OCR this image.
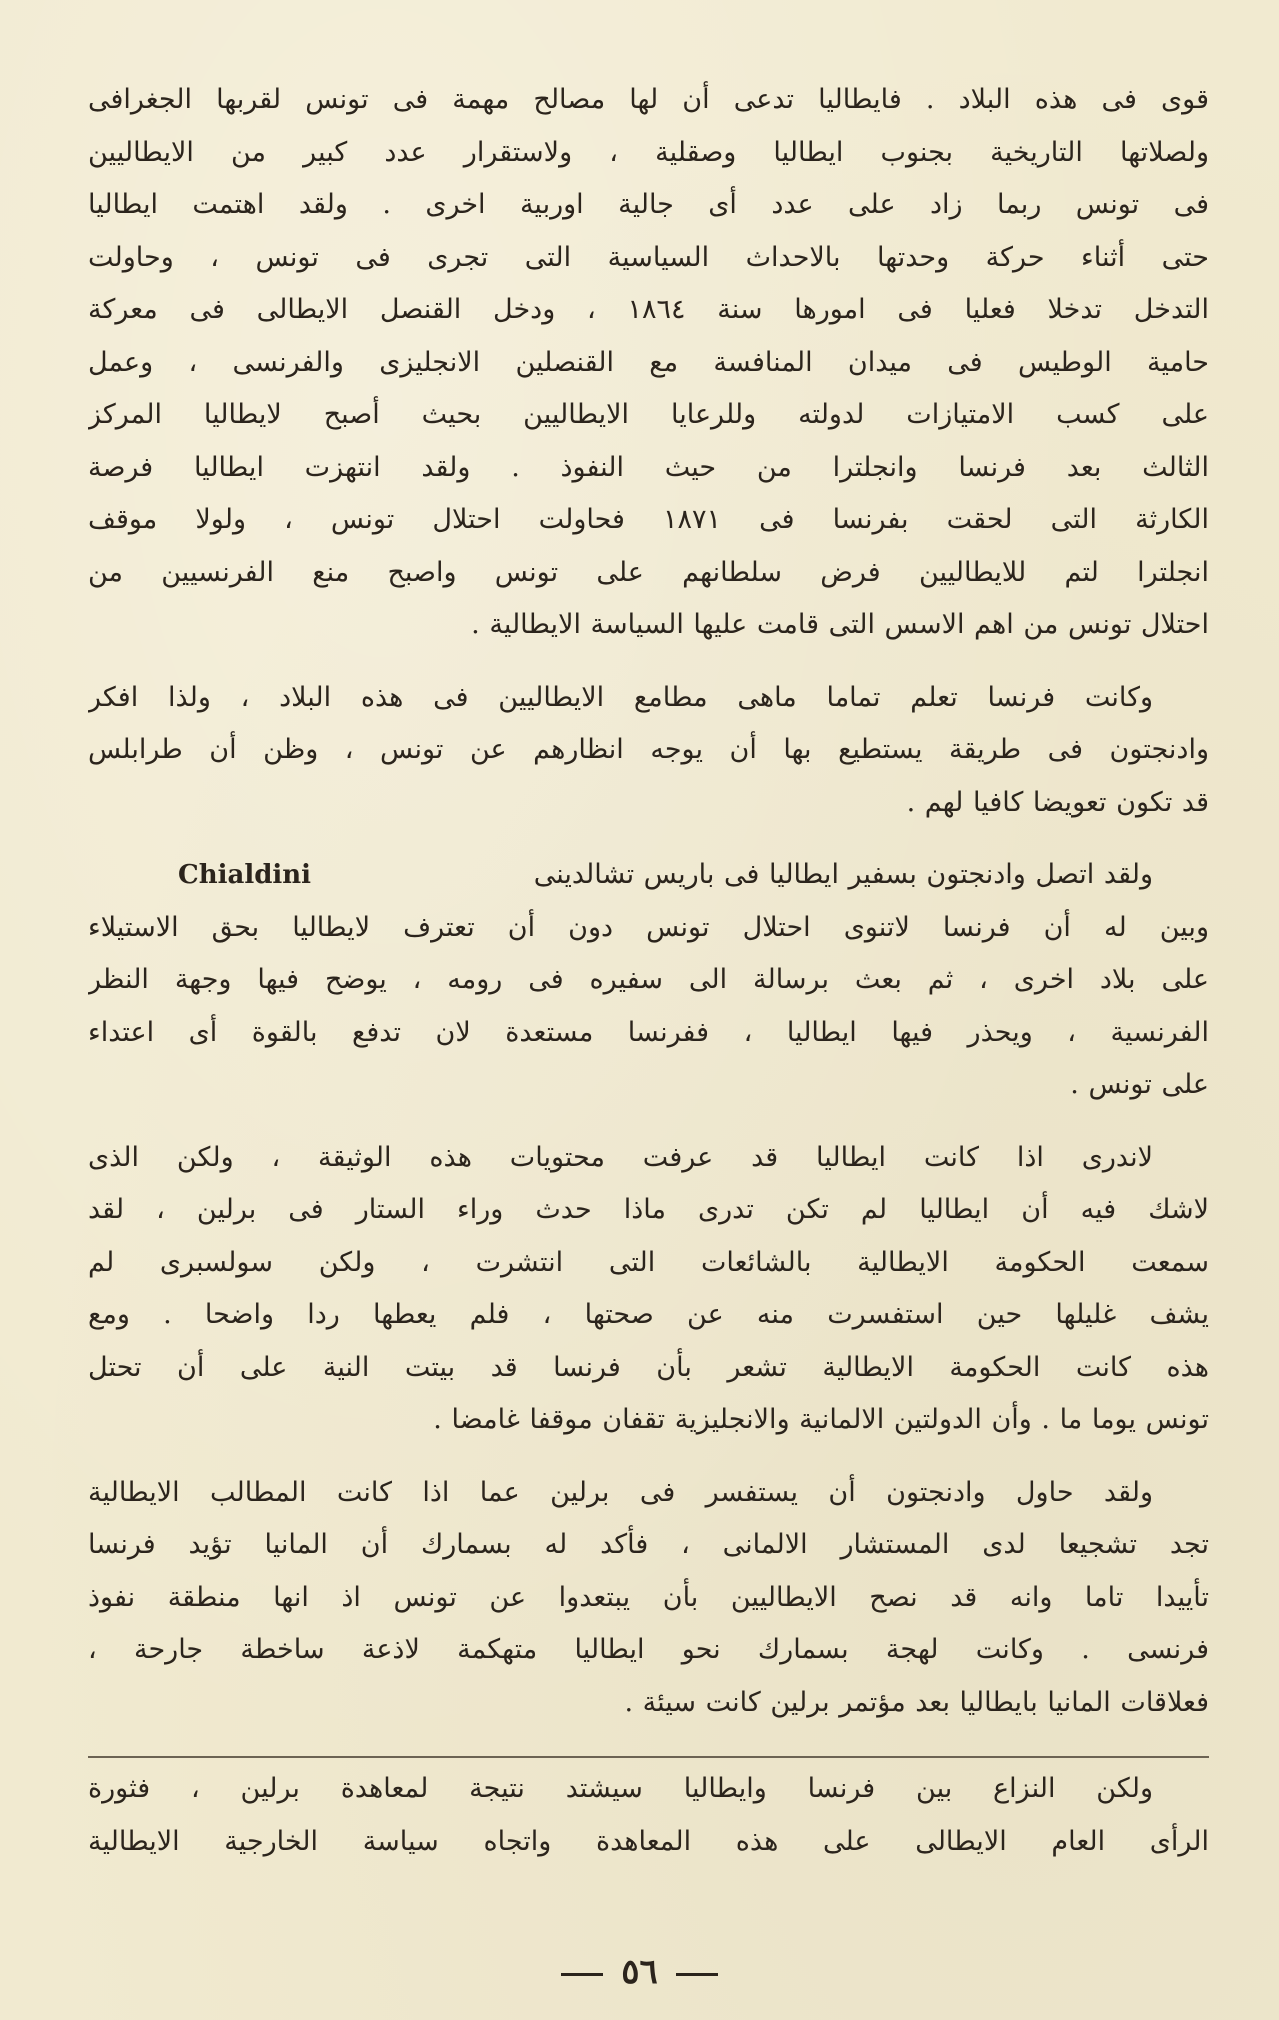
قوى فى هذه البلاد . فايطاليا تدعى أن لها مصالح مهمة فى تونس لقربها الجغرافى
ولصلاتها التاريخية بجنوب ايطاليا وصقلية ، ولاستقرار عدد كبير من الايطاليين
فى تونس ربما زاد على عدد أى جالية اوربية اخرى . ولقد اهتمت ايطاليا
حتى أثناء حركة وحدتها بالاحداث السياسية التى تجرى فى تونس ، وحاولت
التدخل تدخلا فعليا فى امورها سنة ١٨٦٤ ، ودخل القنصل الايطالى فى معركة
حامية الوطيس فى ميدان المنافسة مع القنصلين الانجليزى والفرنسى ، وعمل
على كسب الامتيازات لدولته وللرعايا الايطاليين بحيث أصبح لايطاليا المركز
الثالث بعد فرنسا وانجلترا من حيث النفوذ . ولقد انتهزت ايطاليا فرصة
الكارثة التى لحقت بفرنسا فى ١٨٧١ فحاولت احتلال تونس ، ولولا موقف
انجلترا لتم للايطاليين فرض سلطانهم على تونس واصبح منع الفرنسيين من
احتلال تونس من اهم الاسس التى قامت عليها السياسة الايطالية .
وكانت فرنسا تعلم تماما ماهى مطامع الايطاليين فى هذه البلاد ، ولذا افكر
وادنجتون فى طريقة يستطيع بها أن يوجه انظارهم عن تونس ، وظن أن طرابلس
قد تكون تعويضا كافيا لهم .
Chialdini	ولقد اتصل وادنجتون بسفير ايطاليا فى باريس تشالدينى
وبين له أن فرنسا لاتنوى احتلال تونس دون أن تعترف لايطاليا بحق الاستيلاء
على بلاد اخرى ، ثم بعث برسالة الى سفيره فى رومه ، يوضح فيها وجهة النظر
الفرنسية ، ويحذر فيها ايطاليا ، ففرنسا مستعدة لان تدفع بالقوة أى اعتداء
على تونس .
لاندرى اذا كانت ايطاليا قد عرفت محتويات هذه الوثيقة ، ولكن الذى
لاشك فيه أن ايطاليا لم تكن تدرى ماذا حدث وراء الستار فى برلين ، لقد
سمعت الحكومة الايطالية بالشائعات التى انتشرت ، ولكن سولسبرى لم
يشف غليلها حين استفسرت منه عن صحتها ، فلم يعطها ردا واضحا . ومع
هذه كانت الحكومة الايطالية تشعر بأن فرنسا قد بيتت النية على أن تحتل
تونس يوما ما . وأن الدولتين الالمانية والانجليزية تقفان موقفا غامضا .
ولقد حاول وادنجتون أن يستفسر فى برلين عما اذا كانت المطالب الايطالية
تجد تشجيعا لدى المستشار الالمانى ، فأكد له بسمارك أن المانيا تؤيد فرنسا
تأييدا تاما وانه قد نصح الايطاليين بأن يبتعدوا عن تونس اذ انها منطقة نفوذ
فرنسى . وكانت لهجة بسمارك نحو ايطاليا متهكمة لاذعة ساخطة جارحة ،
فعلاقات المانيا بايطاليا بعد مؤتمر برلين كانت سيئة .
ولكن النزاع بين فرنسا وايطاليا سيشتد نتيجة لمعاهدة برلين ، فثورة
الرأى العام الايطالى على هذه المعاهدة واتجاه سياسة الخارجية الايطالية
٥٦
